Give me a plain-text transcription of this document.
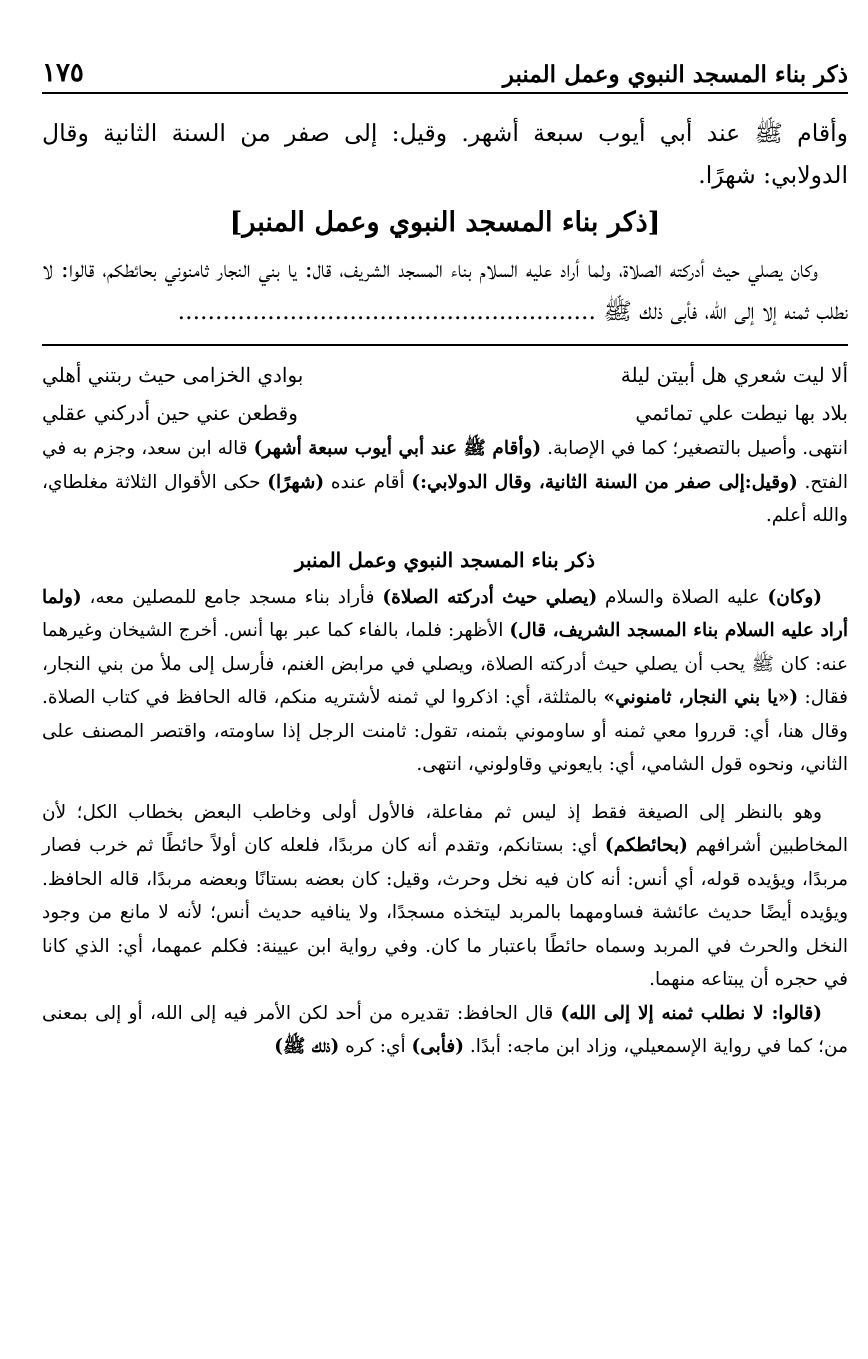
ذكر بناء المسجد النبوي وعمل المنبر
١٧٥

وأقام ﷺ عند أبي أيوب سبعة أشهر. وقيل: إلى صفر من السنة الثانية وقال الدولابي: شهرًا.

[ذكر بناء المسجد النبوي وعمل المنبر]

وكان يصلي حيث أدركته الصلاة، ولما أراد عليه السلام بناء المسجد الشريف، قال: يا بني النجار ثامنوني بحائطكم، قالوا: لا نطلب ثمنه إلا إلى الله، فأبى ذلك ﷺ ........................................................

ألا ليت شعري هل أبيتن ليلة	بوادي الخزامى حيث ربتني أهلي
بلاد بها نيطت علي تمائمي	وقطعن عني حين أدركني عقلي

انتهى. وأصيل بالتصغير؛ كما في الإصابة. (وأقام ﷺ عند أبي أيوب سبعة أشهر) قاله ابن سعد، وجزم به في الفتح. (وقيل:إلى صفر من السنة الثانية، وقال الدولابي:) أقام عنده (شهرًا) حكى الأقوال الثلاثة مغلطاي، والله أعلم.

ذكر بناء المسجد النبوي وعمل المنبر

(وكان) عليه الصلاة والسلام (يصلي حيث أدركته الصلاة) فأراد بناء مسجد جامع للمصلين معه، (ولما أراد عليه السلام بناء المسجد الشريف، قال) الأظهر: فلما، بالفاء كما عبر بها أنس. أخرج الشيخان وغيرهما عنه: كان ﷺ يحب أن يصلي حيث أدركته الصلاة، ويصلي في مرابض الغنم، فأرسل إلى ملأ من بني النجار، فقال: («يا بني النجار، ثامنوني» بالمثلثة، أي: اذكروا لي ثمنه لأشتريه منكم، قاله الحافظ في كتاب الصلاة. وقال هنا، أي: قرروا معي ثمنه أو ساوموني بثمنه، تقول: ثامنت الرجل إذا ساومته، واقتصر المصنف على الثاني، ونحوه قول الشامي، أي: بايعوني وقاولوني، انتهى.

وهو بالنظر إلى الصيغة فقط إذ ليس ثم مفاعلة، فالأول أولى وخاطب البعض بخطاب الكل؛ لأن المخاطبين أشرافهم (بحائطكم) أي: بستانكم، وتقدم أنه كان مربدًا، فلعله كان أولاً حائطًا ثم خرب فصار مربدًا، ويؤيده قوله، أي أنس: أنه كان فيه نخل وحرث، وقيل: كان بعضه بستانًا وبعضه مربدًا، قاله الحافظ. ويؤيده أيضًا حديث عائشة فساومهما بالمربد ليتخذه مسجدًا، ولا ينافيه حديث أنس؛ لأنه لا مانع من وجود النخل والحرث في المربد وسماه حائطًا باعتبار ما كان. وفي رواية ابن عيينة: فكلم عمهما، أي: الذي كانا في حجره أن يبتاعه منهما.

(قالوا: لا نطلب ثمنه إلا إلى الله) قال الحافظ: تقديره من أحد لكن الأمر فيه إلى الله، أو إلى بمعنى من؛ كما في رواية الإسمعيلي، وزاد ابن ماجه: أبدًا. (فأبى) أي: كره (ذلك ﷺ)
